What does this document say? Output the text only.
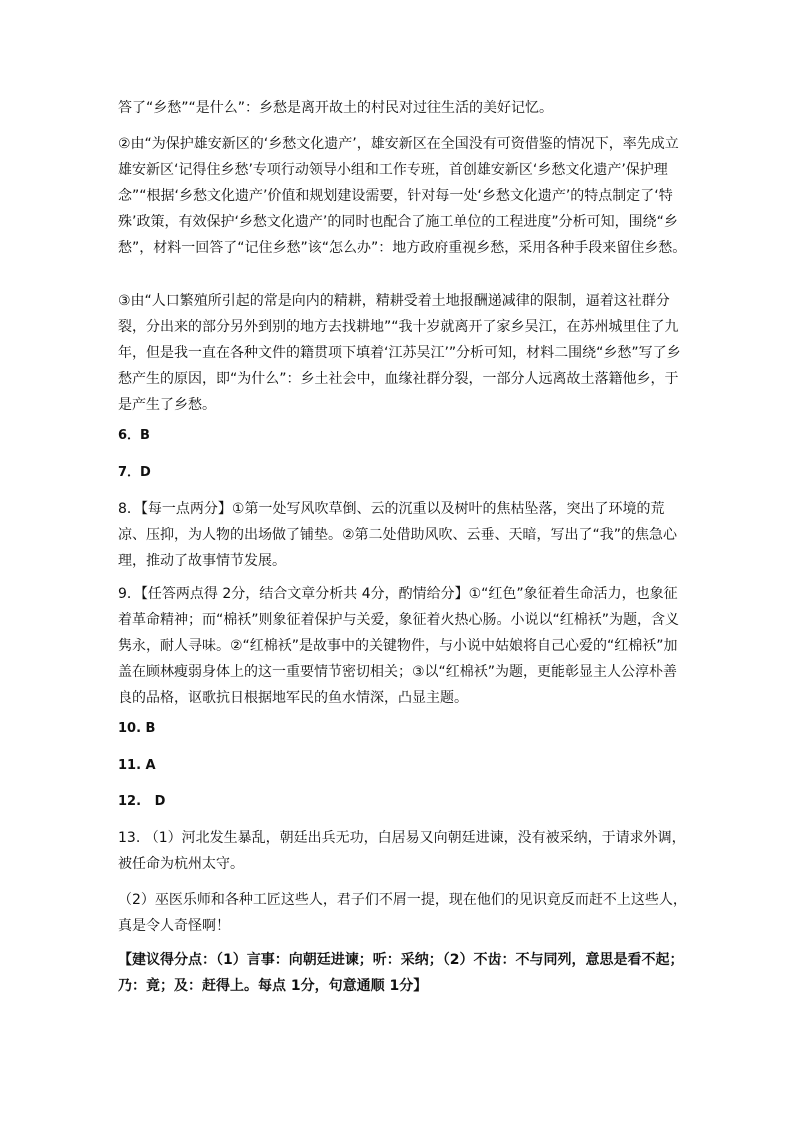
答了“乡愁”“是什么”：乡愁是离开故土的村民对过往生活的美好记忆。

②由“为保护雄安新区的‘乡愁文化遗产’，雄安新区在全国没有可资借鉴的情况下，率先成立雄安新区‘记得住乡愁’专项行动领导小组和工作专班，首创雄安新区‘乡愁文化遗产’保护理念”“根据‘乡愁文化遗产’价值和规划建设需要，针对每一处‘乡愁文化遗产’的特点制定了‘特殊’政策，有效保护‘乡愁文化遗产’的同时也配合了施工单位的工程进度”分析可知，围绕“乡愁”，材料一回答了“记住乡愁”该“怎么办”：地方政府重视乡愁，采用各种手段来留住乡愁。

③由“人口繁殖所引起的常是向内的精耕，精耕受着土地报酬递减律的限制，逼着这社群分裂，分出来的部分另外到别的地方去找耕地”“我十岁就离开了家乡吴江，在苏州城里住了九年，但是我一直在各种文件的籍贯项下填着‘江苏吴江’”分析可知，材料二围绕“乡愁”写了乡愁产生的原因，即“为什么”：乡土社会中，血缘社群分裂，一部分人远离故土落籍他乡，于是产生了乡愁。

6．B

7．D

8．【每一点两分】①第一处写风吹草倒、云的沉重以及树叶的焦枯坠落，突出了环境的荒凉、压抑，为人物的出场做了铺垫。②第二处借助风吹、云垂、天暗，写出了“我”的焦急心理，推动了故事情节发展。

9．【任答两点得 2分，结合文章分析共 4分，酌情给分】①“红色”象征着生命活力，也象征着革命精神；而“棉袄”则象征着保护与关爱，象征着火热心肠。小说以“红棉袄”为题，含义隽永，耐人寻味。②“红棉袄”是故事中的关键物件，与小说中姑娘将自己心爱的“红棉袄”加盖在顾林瘦弱身体上的这一重要情节密切相关；③以“红棉袄”为题，更能彰显主人公淳朴善良的品格，讴歌抗日根据地军民的鱼水情深，凸显主题。

10. B

11. A

12.   D

13. （1）河北发生暴乱，朝廷出兵无功，白居易又向朝廷进谏，没有被采纳，于请求外调，被任命为杭州太守。

（2）巫医乐师和各种工匠这些人，君子们不屑一提，现在他们的见识竟反而赶不上这些人，真是令人奇怪啊！

【建议得分点：（1）言事：向朝廷进谏；听：采纳；（2）不齿：不与同列，意思是看不起；乃：竟；及：赶得上。每点 1分，句意通顺 1分】
